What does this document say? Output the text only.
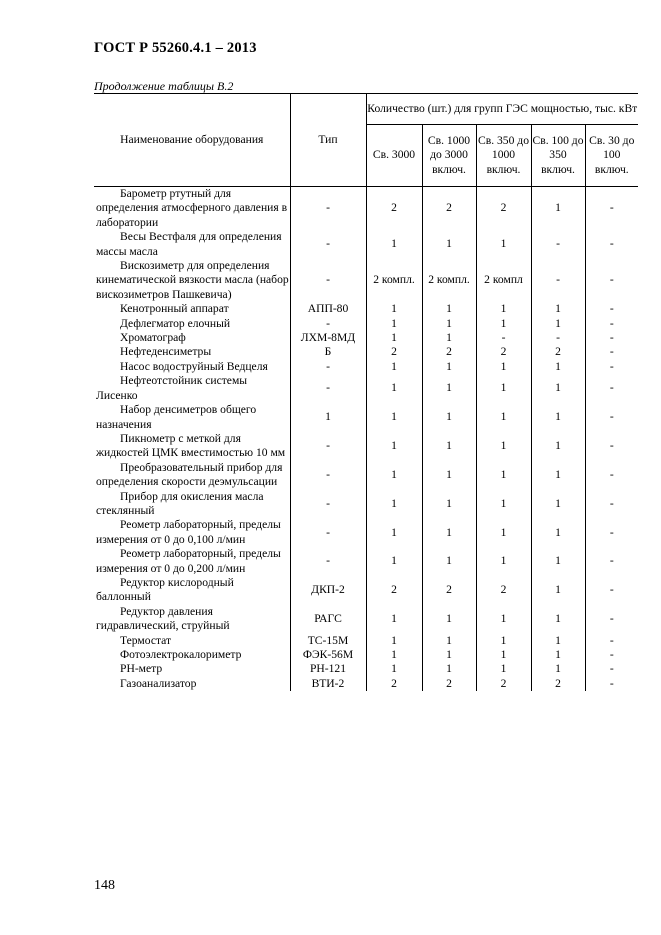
ГОСТ Р 55260.4.1 – 2013
Продолжение таблицы В.2
Наименование оборудования	Тип	Количество (шт.) для групп ГЭС мощностью, тыс. кВт				
		Св. 3000	Св. 1000 до 3000 включ.	Св. 350 до 1000 включ.	Св. 100 до 350 включ.	Св. 30 до 100 включ.

Барометр ртутный для определения атмосферного давления в лаборатории	-	2	2	2	1	-

Весы Вестфаля для определения массы масла	-	1	1	1	-	-

Вискозиметр для определения кинематической вязкости масла (набор вискозиметров Пашкевича)	-	2 компл.	2 компл.	2 компл	-	-

Кенотронный аппарат	АПП-80	1	1	1	1	-

Дефлегматор елочный	-	1	1	1	1	-

Хроматограф	ЛХМ-8МД	1	1	-	-	-

Нефтеденсиметры	Б	2	2	2	2	-

Насос водоструйный Ведцеля	-	1	1	1	1	-

Нефтеотстойник системы Лисенко	-	1	1	1	1	-

Набор денсиметров общего назначения	1	1	1	1	1	-

Пикнометр с меткой для жидкостей ЦМК вместимостью 10 мм	-	1	1	1	1	-

Преобразовательный прибор для определения скорости деэмульсации	-	1	1	1	1	-

Прибор для окисления масла стеклянный	-	1	1	1	1	-

Реометр лабораторный, пределы измерения от 0 до 0,100 л/мин	-	1	1	1	1	-

Реометр лабораторный, пределы измерения от 0 до 0,200 л/мин	-	1	1	1	1	-

Редуктор кислородный баллонный	ДКП-2	2	2	2	1	-

Редуктор давления гидравлический, струйный	РАГС	1	1	1	1	-

Термостат	ТС-15М	1	1	1	1	-

Фотоэлектрокалориметр	ФЭК-56М	1	1	1	1	-

РН-метр	РН-121	1	1	1	1	-

Газоанализатор	ВТИ-2	2	2	2	2	-
148
